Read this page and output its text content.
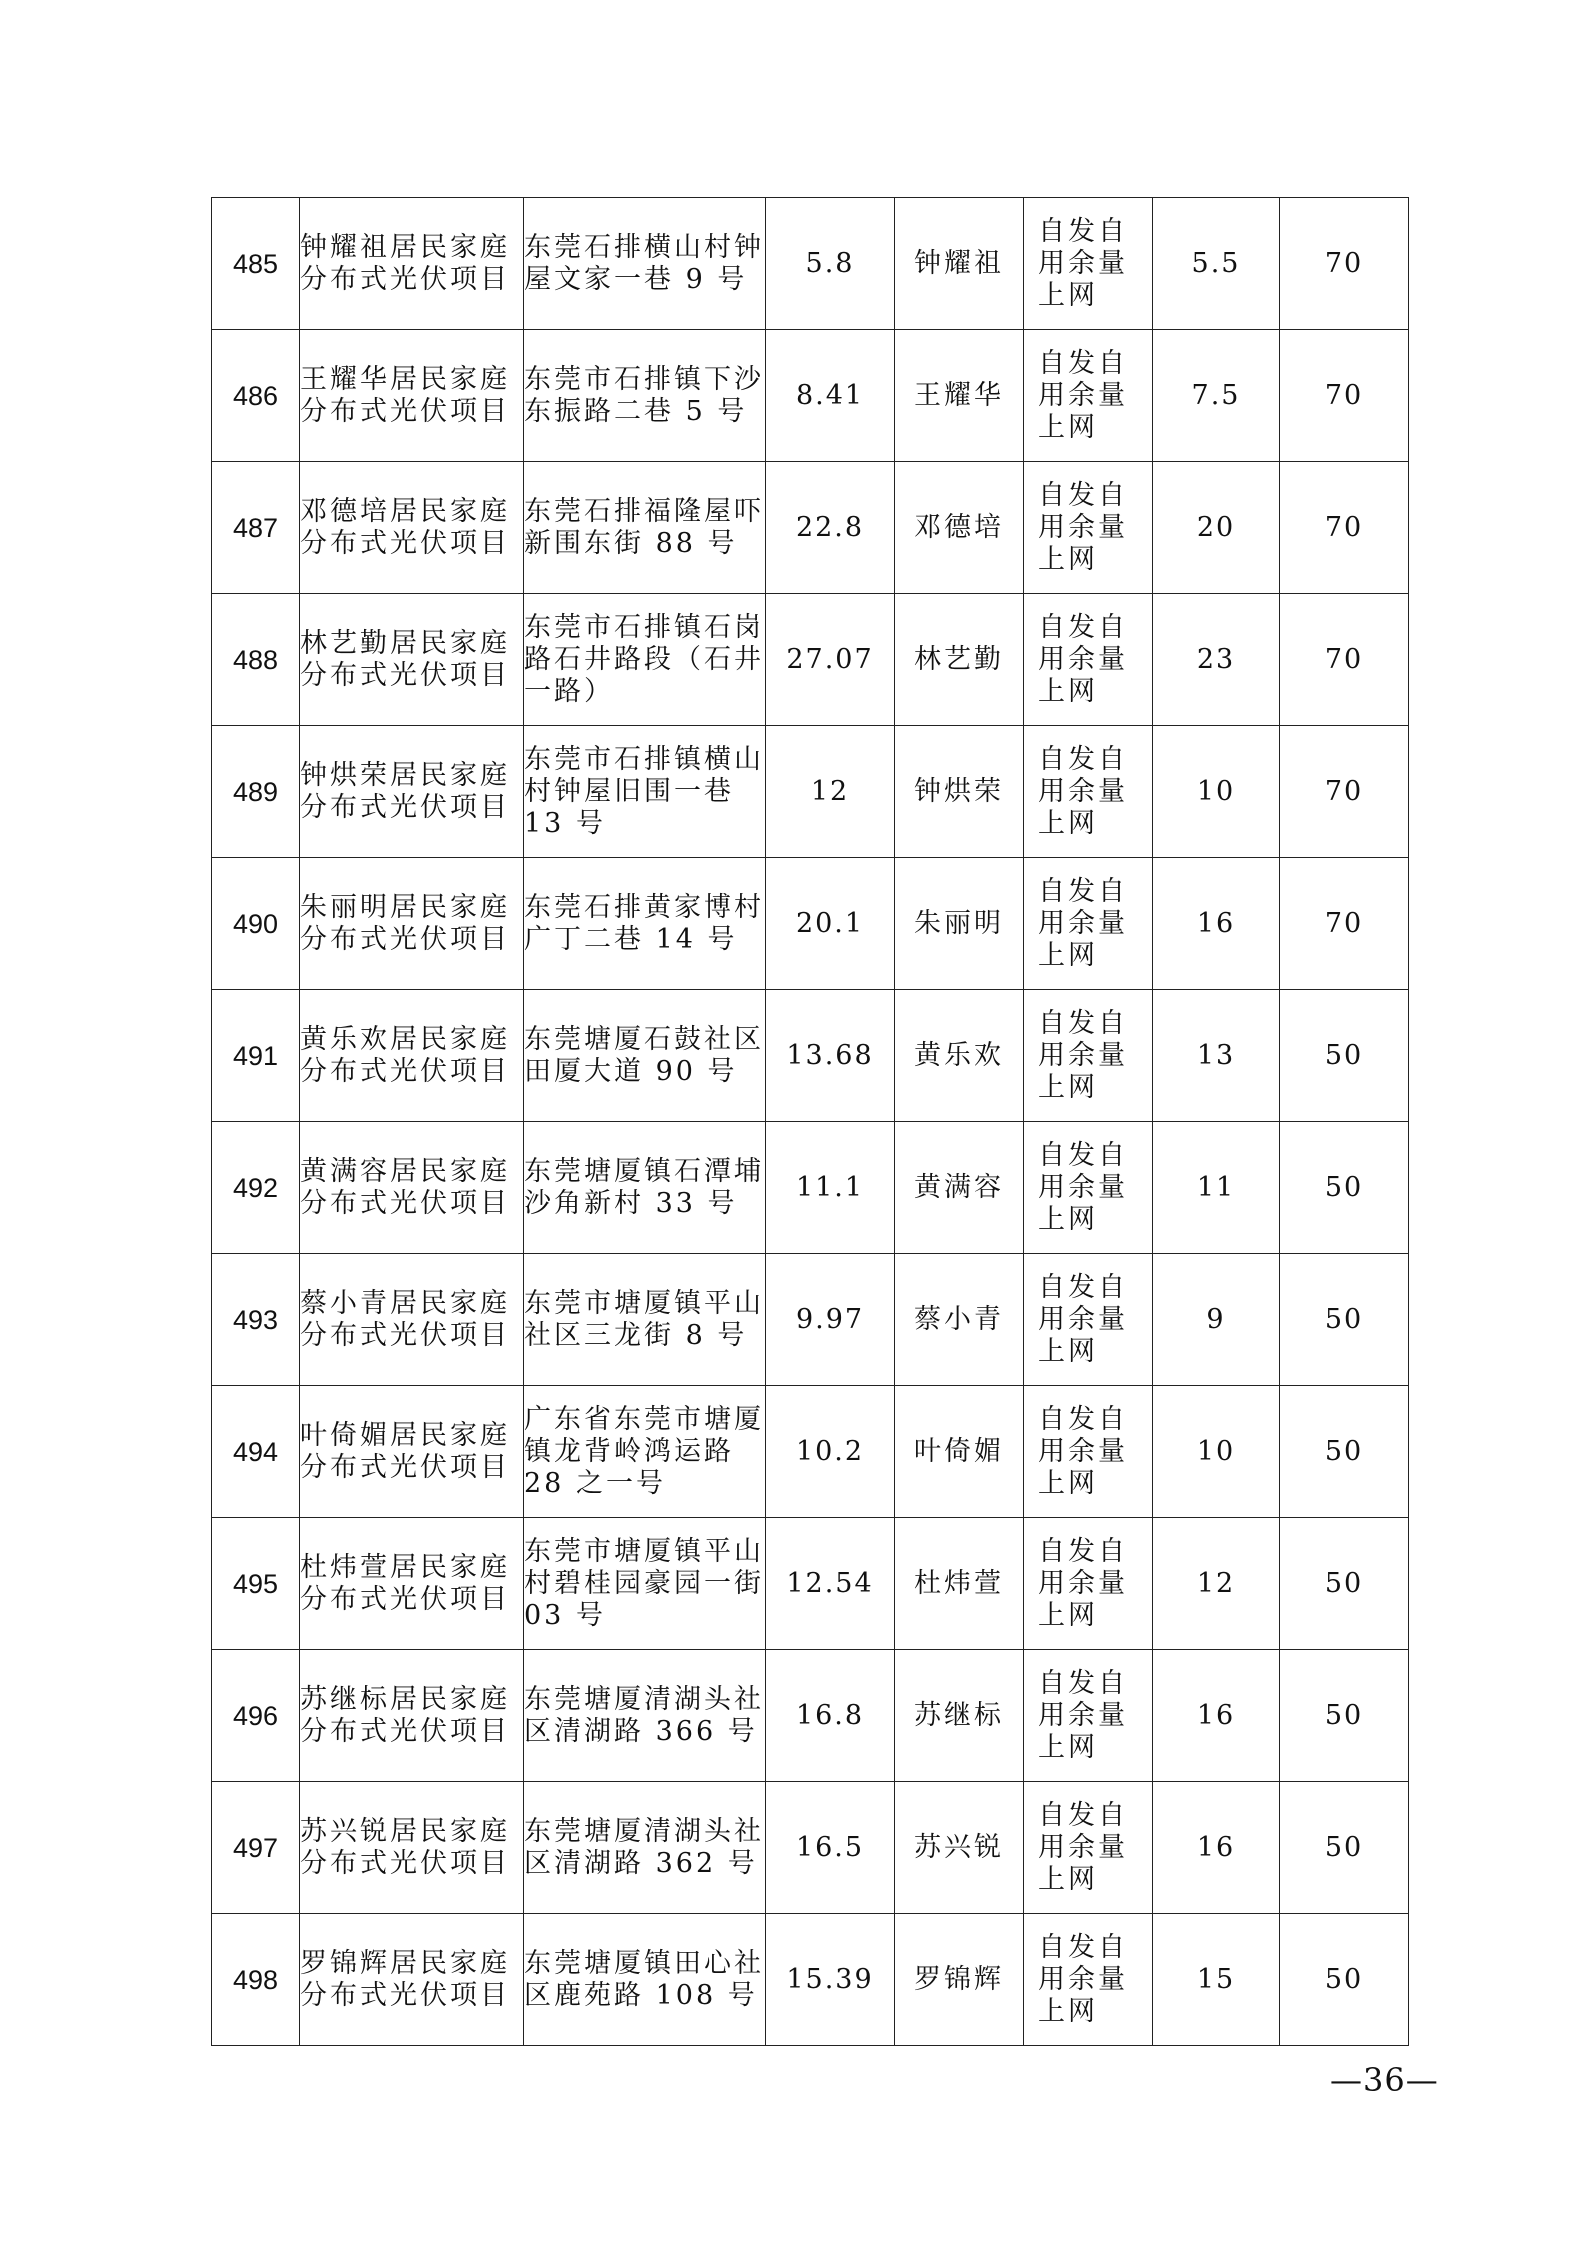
485	钟耀祖居民家庭分布式光伏项目	东莞石排横山村钟屋文家一巷 9 号	5.8	钟耀祖	自发自用余量上网	5.5	70
486	王耀华居民家庭分布式光伏项目	东莞市石排镇下沙东振路二巷 5 号	8.41	王耀华	自发自用余量上网	7.5	70
487	邓德培居民家庭分布式光伏项目	东莞石排福隆屋吓新围东街 88 号	22.8	邓德培	自发自用余量上网	20	70
488	林艺勤居民家庭分布式光伏项目	东莞市石排镇石岗路石井路段（石井一路）	27.07	林艺勤	自发自用余量上网	23	70
489	钟烘荣居民家庭分布式光伏项目	东莞市石排镇横山村钟屋旧围一巷 13 号	12	钟烘荣	自发自用余量上网	10	70
490	朱丽明居民家庭分布式光伏项目	东莞石排黄家博村广丁二巷 14 号	20.1	朱丽明	自发自用余量上网	16	70
491	黄乐欢居民家庭分布式光伏项目	东莞塘厦石鼓社区田厦大道 90 号	13.68	黄乐欢	自发自用余量上网	13	50
492	黄满容居民家庭分布式光伏项目	东莞塘厦镇石潭埔沙角新村 33 号	11.1	黄满容	自发自用余量上网	11	50
493	蔡小青居民家庭分布式光伏项目	东莞市塘厦镇平山社区三龙街 8 号	9.97	蔡小青	自发自用余量上网	9	50
494	叶倚媚居民家庭分布式光伏项目	广东省东莞市塘厦镇龙背岭鸿运路 28 之一号	10.2	叶倚媚	自发自用余量上网	10	50
495	杜炜萱居民家庭分布式光伏项目	东莞市塘厦镇平山村碧桂园豪园一街 03 号	12.54	杜炜萱	自发自用余量上网	12	50
496	苏继标居民家庭分布式光伏项目	东莞塘厦清湖头社区清湖路 366 号	16.8	苏继标	自发自用余量上网	16	50
497	苏兴锐居民家庭分布式光伏项目	东莞塘厦清湖头社区清湖路 362 号	16.5	苏兴锐	自发自用余量上网	16	50
498	罗锦辉居民家庭分布式光伏项目	东莞塘厦镇田心社区鹿苑路 108 号	15.39	罗锦辉	自发自用余量上网	15	50
—36—
